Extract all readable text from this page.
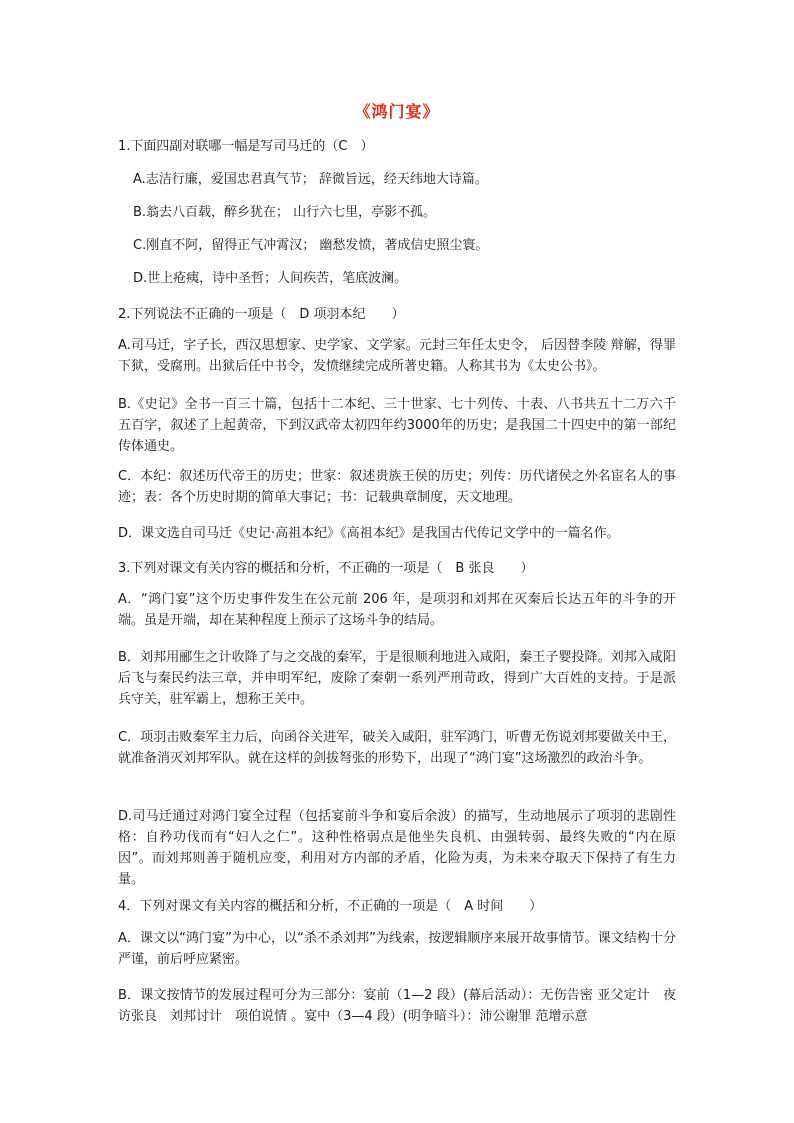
《鸿门宴》
1.下面四副对联哪一幅是写司马迁的（C　）
A.志洁行廉，爱国忠君真气节； 辞微旨远，经天纬地大诗篇。
B.翁去八百载，醉乡犹在； 山行六七里，亭影不孤。
C.刚直不阿，留得正气冲霄汉； 幽愁发愤，著成信史照尘寰。
D.世上疮痍，诗中圣哲；人间疾苦，笔底波澜。
2.下列说法不正确的一项是（　D 项羽本纪　　）
A.司马迁，字子长，西汉思想家、史学家、文学家。元封三年任太史令， 后因替李陵 辩解，得罪下狱，受腐刑。出狱后任中书令，发愤继续完成所著史籍。人称其书为《太史公书》。
B.《史记》全书一百三十篇，包括十二本纪、三十世家、七十列传、十表、八书共五十二万六千五百字，叙述了上起黄帝，下到汉武帝太初四年约3000年的历史；是我国二十四史中的第一部纪传体通史。
C．本纪：叙述历代帝王的历史；世家：叙述贵族王侯的历史；列传：历代诸侯之外名宦名人的事迹；表：各个历史时期的简单大事记；书：记载典章制度，天文地理。
D．课文选自司马迁《史记·高祖本纪》《高祖本纪》是我国古代传记文学中的一篇名作。
3.下列对课文有关内容的概括和分析，不正确的一项是（　B 张良　　）
A．“鸿门宴”这个历史事件发生在公元前 206 年，是项羽和刘邦在灭秦后长达五年的斗争的开端。虽是开端，却在某种程度上预示了这场斗争的结局。
B．刘邦用郦生之计收降了与之交战的秦军，于是很顺利地进入咸阳，秦王子婴投降。刘邦入咸阳后飞与秦民约法三章，并申明军纪，废除了秦朝一系列严刑苛政，得到广大百姓的支持。于是派兵守关，驻军霸上，想称王关中。
C．项羽击败秦军主力后，向函谷关进军，破关入咸阳，驻军鸿门，听曹无伤说刘邦要做关中王，就准备消灭刘邦军队。就在这样的剑拔弩张的形势下，出现了“鸿门宴”这场激烈的政治斗争。
D.司马迁通过对鸿门宴全过程（包括宴前斗争和宴后余波）的描写，生动地展示了项羽的悲剧性格：自矜功伐而有“妇人之仁”。这种性格弱点是他坐失良机、由强转弱、最终失败的“内在原因”。而刘邦则善于随机应变，利用对方内部的矛盾，化险为夷，为未来夺取天下保持了有生力量。
4．下列对课文有关内容的概括和分析，不正确的一项是（　A 时间　　）
A．课文以“鸿门宴”为中心，以“杀不杀刘邦”为线索，按逻辑顺序来展开故事情节。课文结构十分严谨，前后呼应紧密。
B．课文按情节的发展过程可分为三部分：宴前（1—2 段）(幕后活动）：无伤告密 亚父定计　夜访张良　刘邦讨计　项伯说情 。宴中（3—4 段）(明争暗斗）：沛公谢罪 范增示意
